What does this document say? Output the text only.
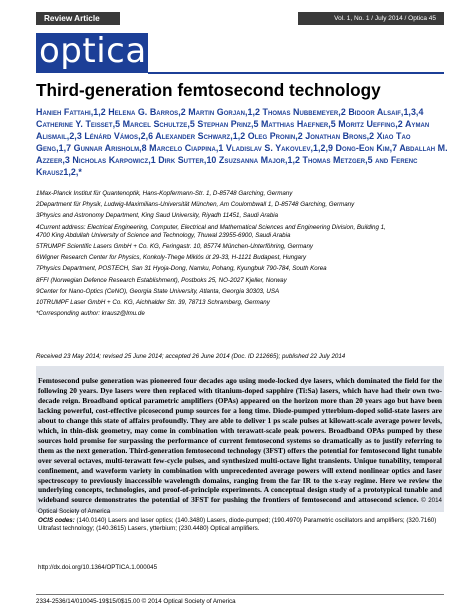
Review Article	Vol. 1, No. 1 / July 2014 / Optica 45
optica
Third-generation femtosecond technology
Hanieh Fattahi,1,2 Helena G. Barros,2 Martin Gorjan,1,2 Thomas Nubbemeyer,2 Bidoor Alsaif,1,3,4 Catherine Y. Teisset,5 Marcel Schultze,5 Stephan Prinz,5 Matthias Haefner,5 Moritz Ueffing,2 Ayman Alismail,2,3 Lénárd Vámos,2,6 Alexander Schwarz,1,2 Oleg Pronin,2 Jonathan Brons,2 Xiao Tao Geng,1,7 Gunnar Arisholm,8 Marcelo Ciappina,1 Vladislav S. Yakovlev,1,2,9 Dong-Eon Kim,7 Abdallah M. Azzeer,3 Nicholas Karpowicz,1 Dirk Sutter,10 Zsuzsanna Major,1,2 Thomas Metzger,5 and Ferenc Krausz1,2,*

1Max-Planck Institut für Quantenoptik, Hans-Kopfermann-Str. 1, D-85748 Garching, Germany

2Department für Physik, Ludwig-Maximilians-Universität München, Am Coulombwall 1, D-85748 Garching, Germany

3Physics and Astronomy Department, King Saud University, Riyadh 11451, Saudi Arabia

4Current address: Electrical Engineering, Computer, Electrical and Mathematical Sciences and Engineering Division, Building 1,

4700 King Abdullah University of Science and Technology, Thuwal 23955-6900, Saudi Arabia

5TRUMPF Scientific Lasers GmbH + Co. KG, Feringastr. 10, 85774 München-Unterföhring, Germany

6Wigner Research Center for Physics, Konkoly-Thege Miklós út 29-33, H-1121 Budapest, Hungary

7Physics Department, POSTECH, San 31 Hyoja-Dong, Namku, Pohang, Kyungbuk 790-784, South Korea

8FFI (Norwegian Defence Research Establishment), Postboks 25, NO-2027 Kjeller, Norway

9Center for Nano-Optics (CeNO), Georgia State University, Atlanta, Georgia 30303, USA

10TRUMPF Laser GmbH + Co. KG, Aichhalder Str. 39, 78713 Schramberg, Germany

*Corresponding author: krausz@lmu.de

Received 23 May 2014; revised 25 June 2014; accepted 26 June 2014 (Doc. ID 212665); published 22 July 2014
Femtosecond pulse generation was pioneered four decades ago using mode-locked dye lasers, which dominated the field for the following 20 years. Dye lasers were then replaced with titanium-doped sapphire (Ti:Sa) lasers, which have had their own two-decade reign. Broadband optical parametric amplifiers (OPAs) appeared on the horizon more than 20 years ago but have been lacking powerful, cost-effective picosecond pump sources for a long time. Diode-pumped ytterbium-doped solid-state lasers are about to change this state of affairs profoundly. They are able to deliver 1 ps scale pulses at kilowatt-scale average power levels, which, in thin-disk geometry, may come in combination with terawatt-scale peak powers. Broadband OPAs pumped by these sources hold promise for surpassing the performance of current femtosecond systems so dramatically as to justify referring to them as the next generation. Third-generation femtosecond technology (3FST) offers the potential for femtosecond light tunable over several octaves, multi-terawatt few-cycle pulses, and synthesized multi-octave light transients. Unique tunability, temporal confinement, and waveform variety in combination with unprecedented average powers will extend nonlinear optics and laser spectroscopy to previously inaccessible wavelength domains, ranging from the far IR to the x-ray regime. Here we review the underlying concepts, technologies, and proof-of-principle experiments. A conceptual design study of a prototypical tunable and wideband source demonstrates the potential of 3FST for pushing the frontiers of femtosecond and attosecond science. © 2014 Optical Society of America
OCIS codes: (140.0140) Lasers and laser optics; (140.3480) Lasers, diode-pumped; (190.4970) Parametric oscillators and amplifiers; (320.7160) Ultrafast technology; (140.3615) Lasers, ytterbium; (230.4480) Optical amplifiers.
http://dx.doi.org/10.1364/OPTICA.1.000045
2334-2536/14/010045-19$15/0$15.00 © 2014 Optical Society of America
